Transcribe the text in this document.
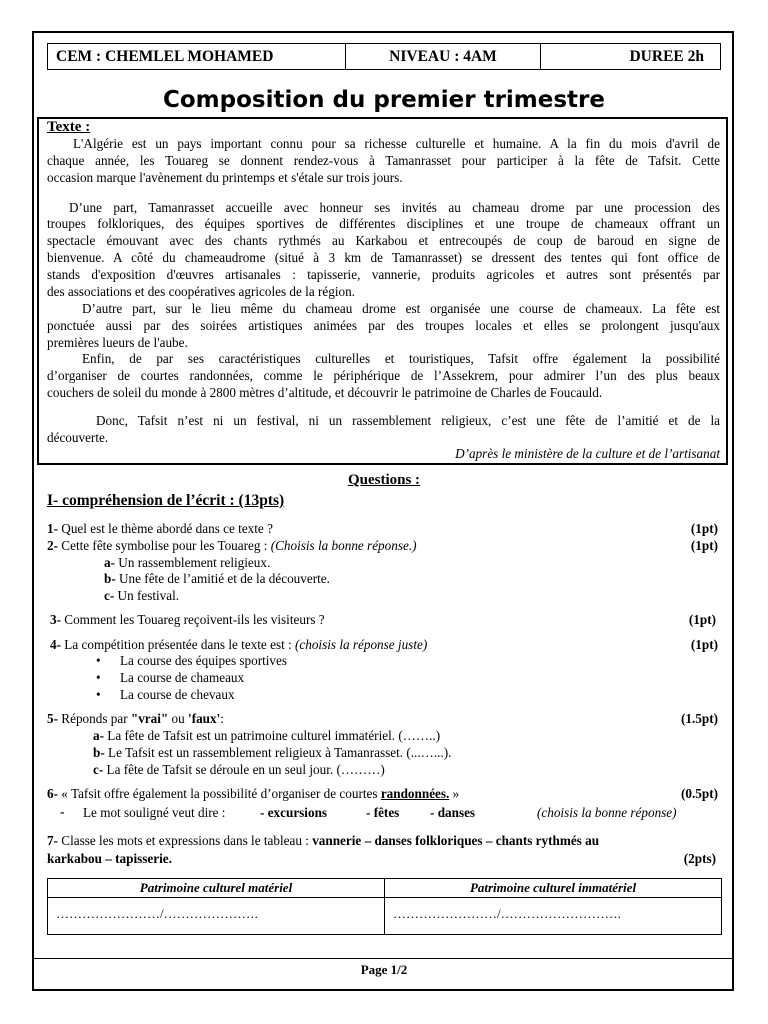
CEM : CHEMLEL MOHAMED	NIVEAU : 4AM	DUREE 2h
Composition du premier trimestre
Texte :
L'Algérie est un pays important connu pour sa richesse culturelle et humaine. A la fin du mois d'avril de
chaque année, les Touareg se donnent rendez-vous à Tamanrasset pour participer à la fête de Tafsit. Cette
occasion marque l'avènement du printemps et s'étale sur trois jours.
D’une part, Tamanrasset accueille avec honneur ses invités au chameau drome par une procession des
troupes folkloriques, des équipes sportives de différentes disciplines et une troupe de chameaux offrant un
spectacle émouvant avec des chants rythmés au Karkabou et entrecoupés de coup de baroud en signe de
bienvenue. A côté du chameaudrome (situé à 3 km de Tamanrasset) se dressent des tentes qui font office de
stands d'exposition d'œuvres artisanales : tapisserie, vannerie, produits agricoles et autres sont présentés par
des associations et des coopératives agricoles de la région.
D’autre part, sur le lieu même du chameau drome est organisée une course de chameaux. La fête est
ponctuée aussi par des soirées artistiques animées par des troupes locales et elles se prolongent jusqu'aux
premières lueurs de l'aube.
Enfin, de par ses caractéristiques culturelles et touristiques, Tafsit offre également la possibilité
d’organiser de courtes randonnées, comme le périphérique de l’Assekrem, pour admirer l’un des plus beaux
couchers de soleil du monde à 2800 mètres d’altitude, et découvrir le patrimoine de Charles de Foucauld.
Donc, Tafsit n’est ni un festival, ni un rassemblement religieux, c’est une fête de l’amitié et de la
découverte.
D’après le ministère de la culture et de l’artisanat
Questions :
I- compréhension de l’écrit : (13pts)
1- Quel est le thème abordé dans ce texte ?	(1pt)
2- Cette fête symbolise pour les Touareg : (Choisis la bonne réponse.)	(1pt)
a- Un rassemblement religieux.
b- Une fête de l’amitié et de la découverte.
c- Un festival.
3- Comment les Touareg reçoivent-ils les visiteurs ?	(1pt)
4- La compétition présentée dans le texte est : (choisis la réponse juste)	(1pt)
• La course des équipes sportives
• La course de chameaux
• La course de chevaux
5- Réponds par "vrai" ou 'faux':	(1.5pt)
a- La fête de Tafsit est un patrimoine culturel immatériel. (……..)
b- Le Tafsit est un rassemblement religieux à Tamanrasset. (...…...).
c- La fête de Tafsit se déroule en un seul jour. (………)
6- « Tafsit offre également la possibilité d’organiser de courtes randonnées. »	(0.5pt)
- Le mot souligné veut dire :	- excursions	- fêtes - danses	(choisis la bonne réponse)
7- Classe les mots et expressions dans le tableau : vannerie – danses folkloriques – chants rythmés au
karkabou – tapisserie.	(2pts)
Patrimoine culturel matériel	Patrimoine culturel immatériel
……………………/………………….	……………………/……………………….
Page 1/2
